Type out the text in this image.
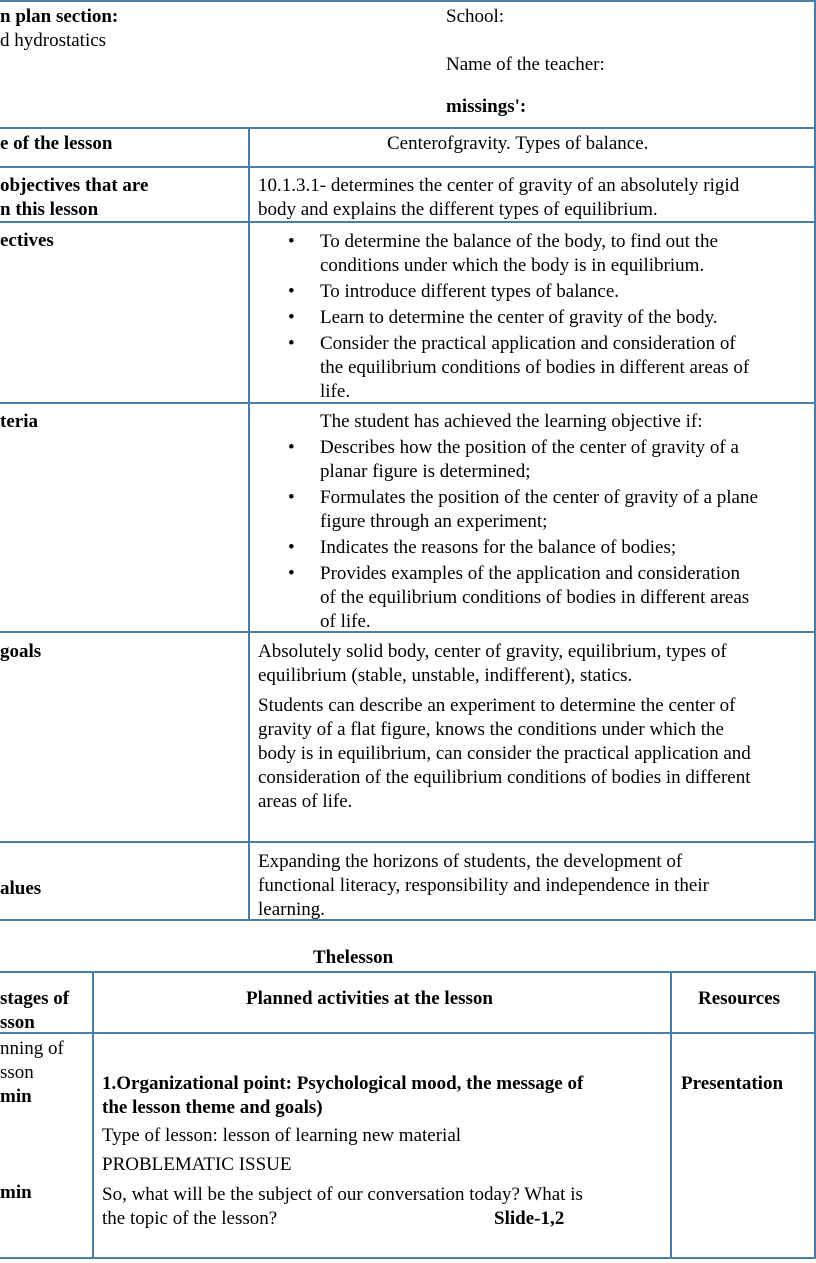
n plan section:
d hydrostatics
School:
Name of the teacher:
missings':
e of the lesson	Centerofgravity. Types of balance.
objectives that are
n this lesson
10.1.3.1- determines the center of gravity of an absolutely rigid
body and explains the different types of equilibrium.
ectives
•	To determine the balance of the body, to find out the
conditions under which the body is in equilibrium.
• To introduce different types of balance.
• Learn to determine the center of gravity of the body.
• Consider the practical application and consideration of
the equilibrium conditions of bodies in different areas of
life.
teria	The student has achieved the learning objective if:
• Describes how the position of the center of gravity of a
planar figure is determined;
• Formulates the position of the center of gravity of a plane
figure through an experiment;
• Indicates the reasons for the balance of bodies;
• Provides examples of the application and consideration
of the equilibrium conditions of bodies in different areas
of life.
goals	Absolutely solid body, center of gravity, equilibrium, types of
equilibrium (stable, unstable, indifferent), statics.
Students can describe an experiment to determine the center of
gravity of a flat figure, knows the conditions under which the
body is in equilibrium, can consider the practical application and
consideration of the equilibrium conditions of bodies in different
areas of life.
alues
Expanding the horizons of students, the development of
functional literacy, responsibility and independence in their
learning.
Thelesson
stages of
sson
Planned activities at the lesson	Resources
nning of
sson
min
min
1.Organizational point: Psychological mood, the message of
the lesson theme and goals)
Type of lesson: lesson of learning new material
PROBLEMATIC ISSUE
So, what will be the subject of our conversation today? What is
the topic of the lesson?	Slide-1,2
Presentation
